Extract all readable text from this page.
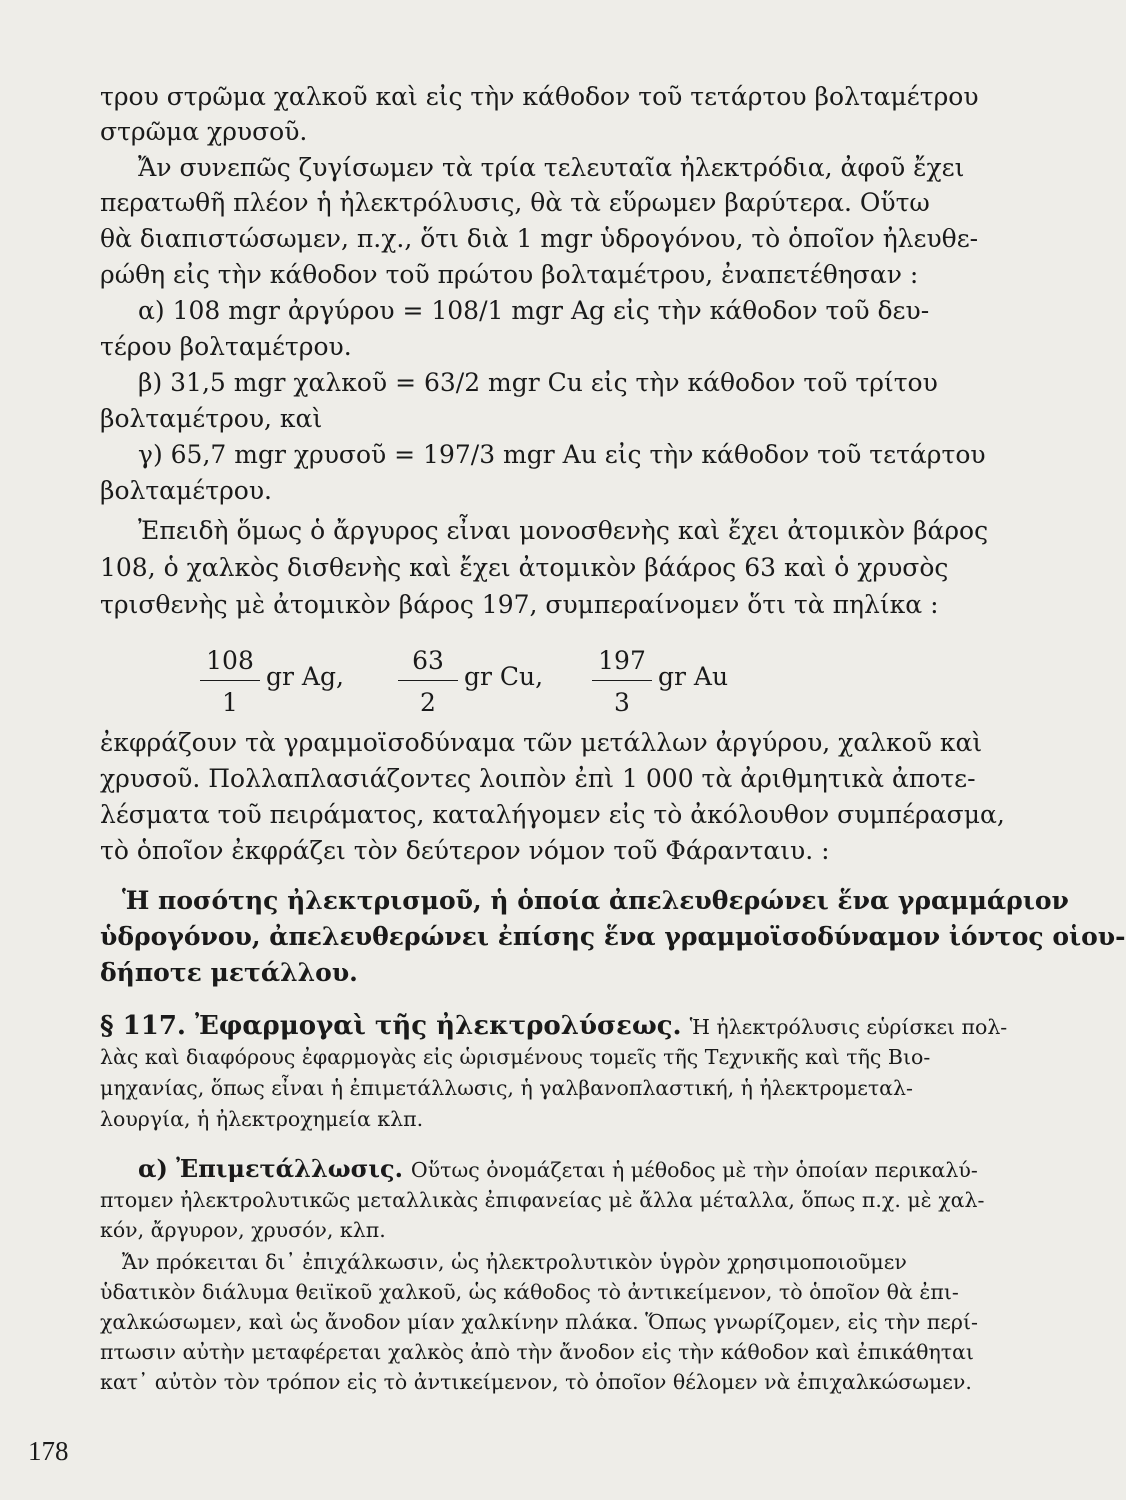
τρου στρῶμα χαλκοῦ καὶ εἰς τὴν κάθοδον τοῦ τετάρτου βολταμέτρου
στρῶμα χρυσοῦ.
Ἄν συνεπῶς ζυγίσωμεν τὰ τρία τελευταῖα ἠλεκτρόδια, ἀφοῦ ἔχει
περατωθῆ πλέον ἡ ἠλεκτρόλυσις, θὰ τὰ εὕρωμεν βαρύτερα. Οὕτω
θὰ διαπιστώσωμεν, π.χ., ὅτι διὰ 1 mgr ὑδρογόνου, τὸ ὁποῖον ἠλευθε-
ρώθη εἰς τὴν κάθοδον τοῦ πρώτου βολταμέτρου, ἐναπετέθησαν :
α) 108 mgr ἀργύρου = 108/1 mgr Ag εἰς τὴν κάθοδον τοῦ δευ-
τέρου βολταμέτρου.
β) 31,5 mgr χαλκοῦ = 63/2 mgr Cu εἰς τὴν κάθοδον τοῦ τρίτου
βολταμέτρου, καὶ
γ) 65,7 mgr χρυσοῦ = 197/3 mgr Au εἰς τὴν κάθοδον τοῦ τετάρτου
βολταμέτρου.
Ἐπειδὴ ὅμως ὁ ἄργυρος εἶναι μονοσθενὴς καὶ ἔχει ἀτομικὸν βάρος
108, ὁ χαλκὸς δισθενὴς καὶ ἔχει ἀτομικὸν βάάρος 63 καὶ ὁ χρυσὸς
τρισθενὴς μὲ ἀτομικὸν βάρος 197, συμπεραίνομεν ὅτι τὰ πηλίκα :
108
1
gr Ag,
63
2
gr Cu,
197
3
gr Au
ἐκφράζουν τὰ γραμμοϊσοδύναμα τῶν μετάλλων ἀργύρου, χαλκοῦ καὶ
χρυσοῦ. Πολλαπλασιάζοντες λοιπὸν ἐπὶ 1 000 τὰ ἀριθμητικὰ ἀποτε-
λέσματα τοῦ πειράματος, καταλήγομεν εἰς τὸ ἀκόλουθον συμπέρασμα,
τὸ ὁποῖον ἐκφράζει τὸν δεύτερον νόμον τοῦ Φάρανταιυ. :
Ἡ ποσότης ἠλεκτρισμοῦ, ἡ ὁποία ἀπελευθερώνει ἕνα γραμμάριον
ὑδρογόνου, ἀπελευθερώνει ἐπίσης ἕνα γραμμοϊσοδύναμον ἰόντος οἱου-
δήποτε μετάλλου.
§ 117. Ἐφαρμογαὶ τῆς ἠλεκτρολύσεως. Ἡ ἠλεκτρόλυσις εὑρίσκει πολ-
λὰς καὶ διαφόρους ἐφαρμογὰς εἰς ὡρισμένους τομεῖς τῆς Τεχνικῆς καὶ τῆς Βιο-
μηχανίας, ὅπως εἶναι ἡ ἐπιμετάλλωσις, ἡ γαλβανοπλαστική, ἡ ἠλεκτρομεταλ-
λουργία, ἡ ἠλεκτροχημεία κλπ.
α) Ἐπιμετάλλωσις. Οὕτως ὀνομάζεται ἡ μέθοδος μὲ τὴν ὁποίαν περικαλύ-
πτομεν ἠλεκτρολυτικῶς μεταλλικὰς ἐπιφανείας μὲ ἄλλα μέταλλα, ὅπως π.χ. μὲ χαλ-
κόν, ἄργυρον, χρυσόν, κλπ.
Ἄν πρόκειται δι᾿ ἐπιχάλκωσιν, ὡς ἠλεκτρολυτικὸν ὑγρὸν χρησιμοποιοῦμεν
ὑδατικὸν διάλυμα θειϊκοῦ χαλκοῦ, ὡς κάθοδος τὸ ἀντικείμενον, τὸ ὁποῖον θὰ ἐπι-
χαλκώσωμεν, καὶ ὡς ἄνοδον μίαν χαλκίνην πλάκα. Ὅπως γνωρίζομεν, εἰς τὴν περί-
πτωσιν αὐτὴν μεταφέρεται χαλκὸς ἀπὸ τὴν ἄνοδον εἰς τὴν κάθοδον καὶ ἐπικάθηται
κατ᾿ αὐτὸν τὸν τρόπον εἰς τὸ ἀντικείμενον, τὸ ὁποῖον θέλομεν νὰ ἐπιχαλκώσωμεν.
178
